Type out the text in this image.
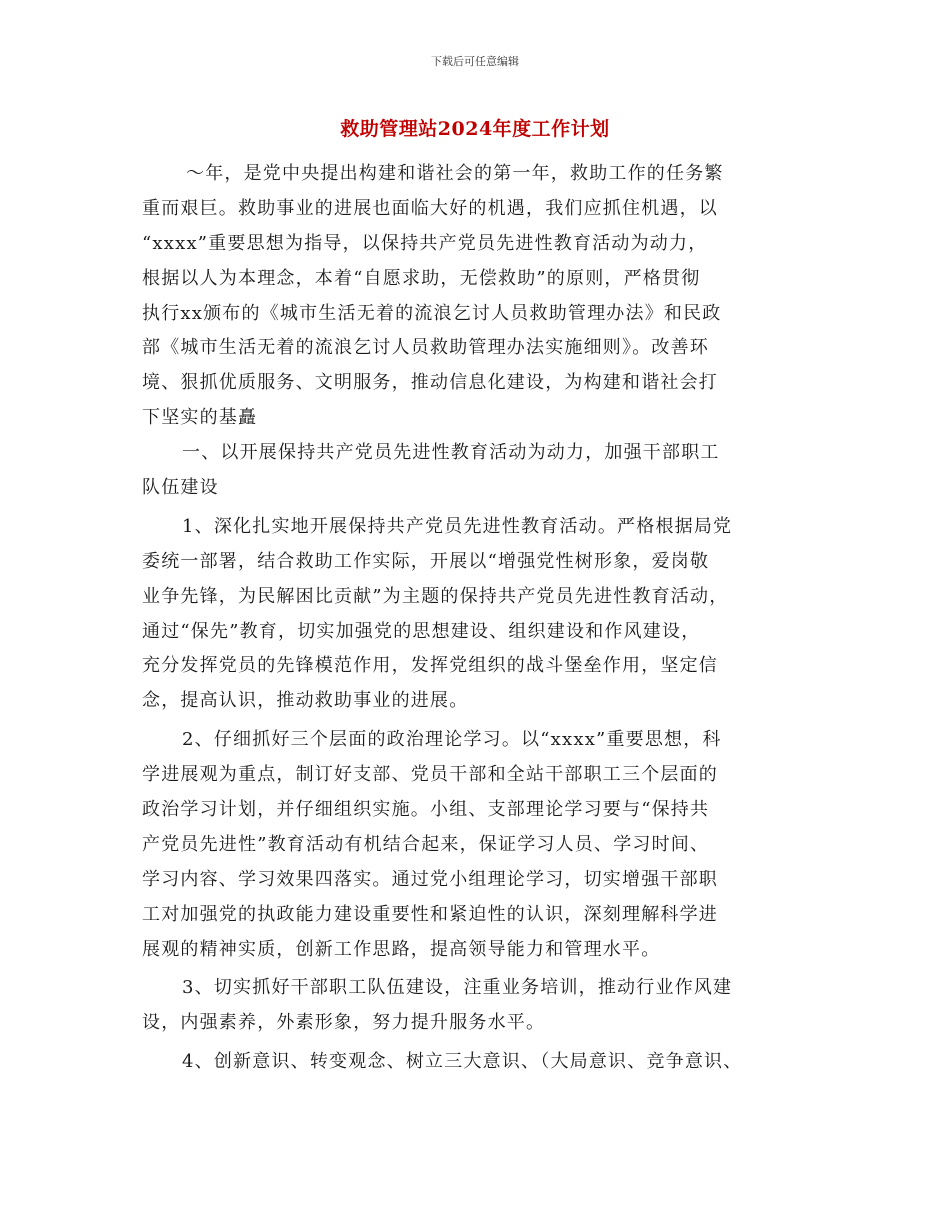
下载后可任意编辑
救助管理站2024年度工作计划
～年，是党中央提出构建和谐社会的第一年，救助工作的任务繁
重而艰巨。救助事业的进展也面临大好的机遇，我们应抓住机遇，以
“xxxx”重要思想为指导，以保持共产党员先进性教育活动为动力，
根据以人为本理念，本着“自愿求助，无偿救助”的原则，严格贯彻
执行xx颁布的《城市生活无着的流浪乞讨人员救助管理办法》和民政
部《城市生活无着的流浪乞讨人员救助管理办法实施细则》。改善环
境、狠抓优质服务、文明服务，推动信息化建设，为构建和谐社会打
下坚实的基矗
一、以开展保持共产党员先进性教育活动为动力，加强干部职工
队伍建设
1、深化扎实地开展保持共产党员先进性教育活动。严格根据局党
委统一部署，结合救助工作实际，开展以“增强党性树形象，爱岗敬
业争先锋，为民解困比贡献”为主题的保持共产党员先进性教育活动，
通过“保先”教育，切实加强党的思想建设、组织建设和作风建设，
充分发挥党员的先锋模范作用，发挥党组织的战斗堡垒作用，坚定信
念，提高认识，推动救助事业的进展。
2、仔细抓好三个层面的政治理论学习。以“xxxx”重要思想，科
学进展观为重点，制订好支部、党员干部和全站干部职工三个层面的
政治学习计划，并仔细组织实施。小组、支部理论学习要与“保持共
产党员先进性”教育活动有机结合起来，保证学习人员、学习时间、
学习内容、学习效果四落实。通过党小组理论学习，切实增强干部职
工对加强党的执政能力建设重要性和紧迫性的认识，深刻理解科学进
展观的精神实质，创新工作思路，提高领导能力和管理水平。
3、切实抓好干部职工队伍建设，注重业务培训，推动行业作风建
设，内强素养，外素形象，努力提升服务水平。
4、创新意识、转变观念、树立三大意识、（大局意识、竞争意识、
